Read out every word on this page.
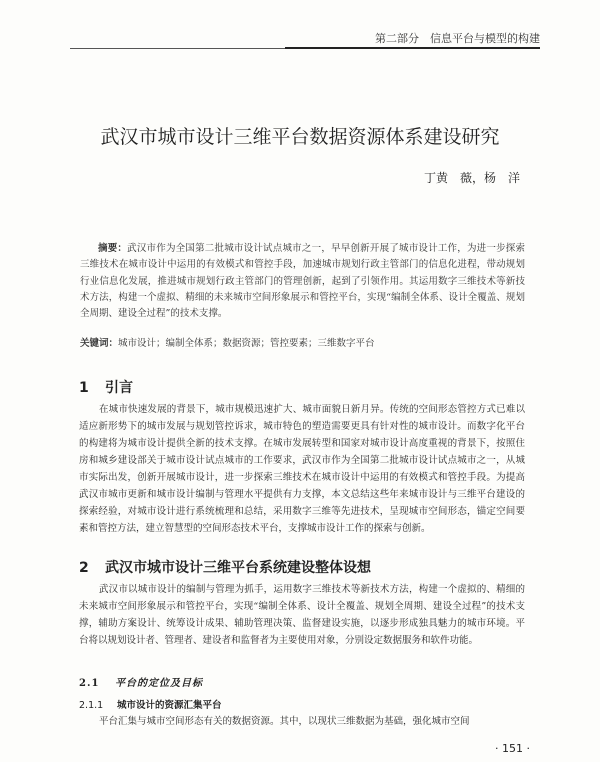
第二部分　信息平台与模型的构建
武汉市城市设计三维平台数据资源体系建设研究
丁黄　薇，杨　洋
摘要：武汉市作为全国第二批城市设计试点城市之一，早早创新开展了城市设计工作，为进一步探索三维技术在城市设计中运用的有效模式和管控手段，加速城市规划行政主管部门的信息化进程，带动规划行业信息化发展，推进城市规划行政主管部门的管理创新，起到了引领作用。其运用数字三维技术等新技术方法，构建一个虚拟、精细的未来城市空间形象展示和管控平台，实现“编制全体系、设计全覆盖、规划全周期、建设全过程”的技术支撑。
关键词：城市设计；编制全体系；数据资源；管控要素；三维数字平台
1 引言
在城市快速发展的背景下，城市规模迅速扩大、城市面貌日新月异。传统的空间形态管控方式已难以适应新形势下的城市发展与规划管控诉求，城市特色的塑造需要更具有针对性的城市设计。而数字化平台的构建将为城市设计提供全新的技术支撑。在城市发展转型和国家对城市设计高度重视的背景下，按照住房和城乡建设部关于城市设计试点城市的工作要求，武汉市作为全国第二批城市设计试点城市之一，从城市实际出发，创新开展城市设计，进一步探索三维技术在城市设计中运用的有效模式和管控手段。为提高武汉市城市更新和城市设计编制与管理水平提供有力支撑，本文总结这些年来城市设计与三维平台建设的探索经验，对城市设计进行系统梳理和总结，采用数字三维等先进技术，呈现城市空间形态，锚定空间要素和管控方法，建立智慧型的空间形态技术平台，支撑城市设计工作的探索与创新。
2 武汉市城市设计三维平台系统建设整体设想
武汉市以城市设计的编制与管理为抓手，运用数字三维技术等新技术方法，构建一个虚拟的、精细的未来城市空间形象展示和管控平台，实现“编制全体系、设计全覆盖、规划全周期、建设全过程”的技术支撑，辅助方案设计、统筹设计成果、辅助管理决策、监督建设实施，以逐步形成独具魅力的城市环境。平台将以规划设计者、管理者、建设者和监督者为主要使用对象，分别设定数据服务和软件功能。
2.1 平台的定位及目标
2.1.1 城市设计的资源汇集平台
平台汇集与城市空间形态有关的数据资源。其中，以现状三维数据为基础，强化城市空间
· 151 ·
